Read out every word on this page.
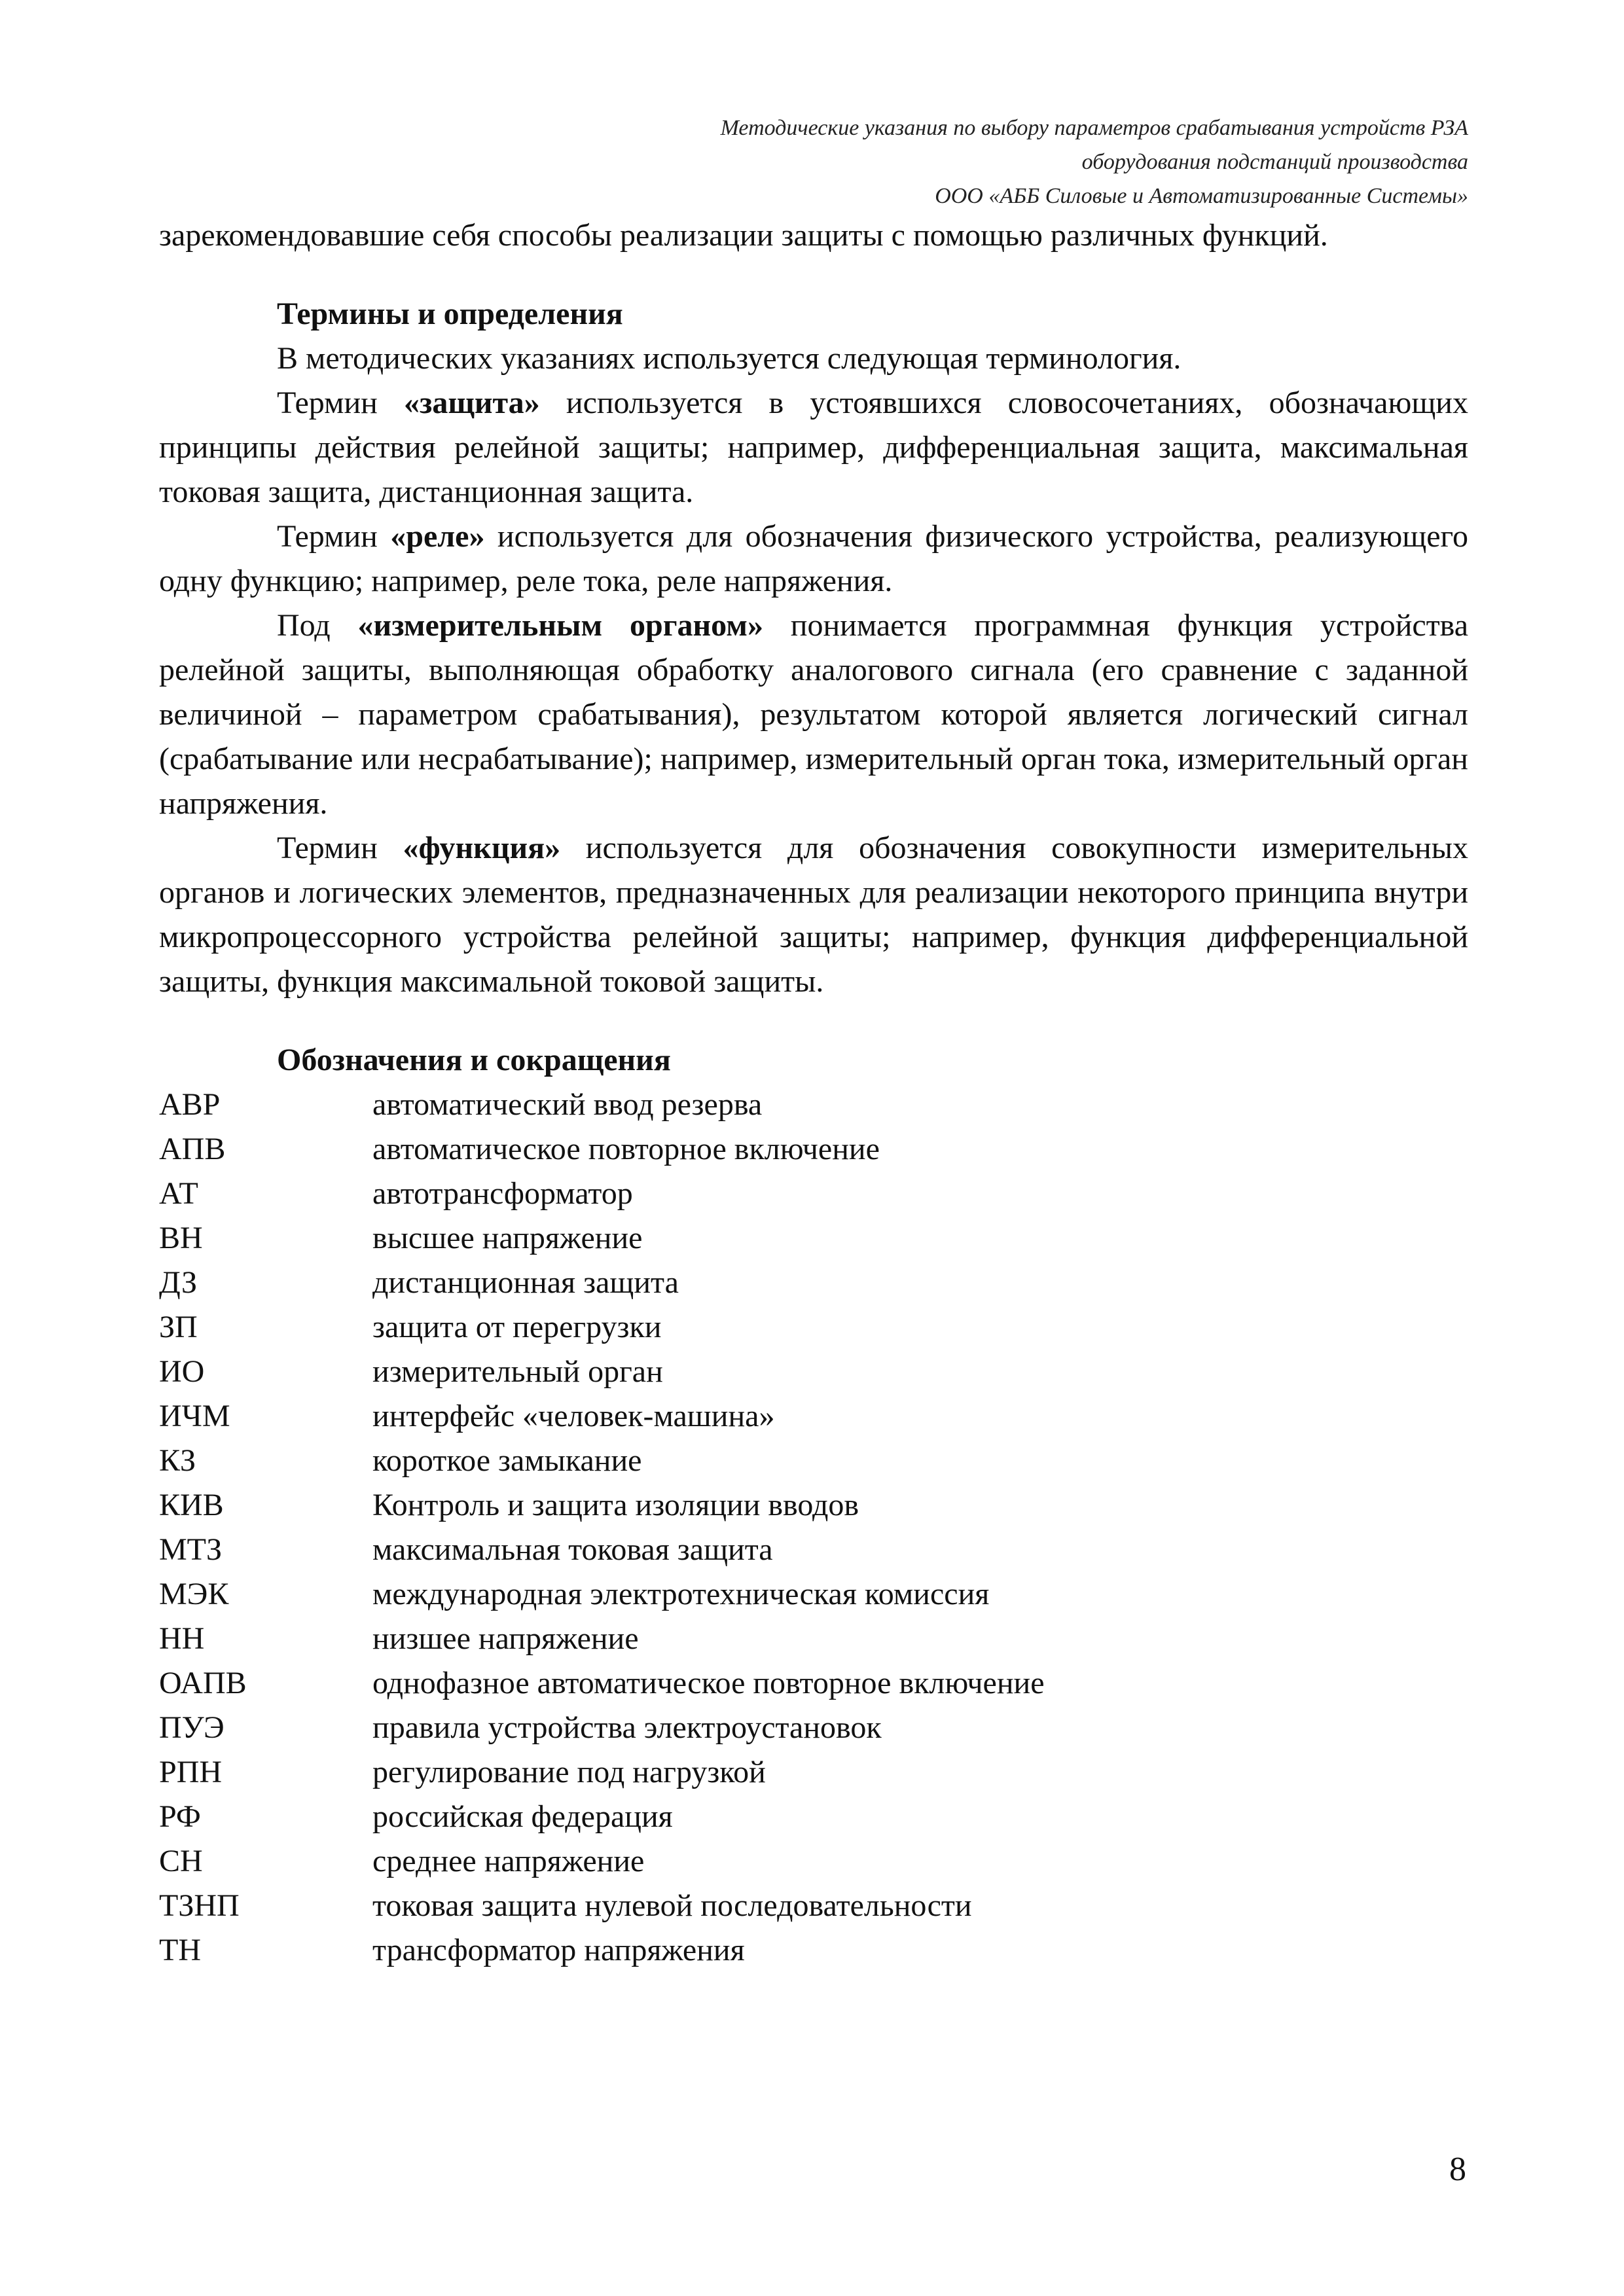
Методические указания по выбору параметров срабатывания устройств РЗА
оборудования подстанций производства
ООО «АББ Силовые и Автоматизированные Системы»

зарекомендовавшие себя способы реализации защиты с помощью различных функций.

Термины и определения

В методических указаниях используется следующая терминология.

Термин «защита» используется в устоявшихся словосочетаниях, обозначающих принципы действия релейной защиты; например, дифференциальная защита, максимальная токовая защита, дистанционная защита.

Термин «реле» используется для обозначения физического устройства, реализующего одну функцию; например, реле тока, реле напряжения.

Под «измерительным органом» понимается программная функция устройства релейной защиты, выполняющая обработку аналогового сигнала (его сравнение с заданной величиной – параметром срабатывания), результатом которой является логический сигнал (срабатывание или несрабатывание); например, измерительный орган тока, измерительный орган напряжения.

Термин «функция» используется для обозначения совокупности измерительных органов и логических элементов, предназначенных для реализации некоторого принципа внутри микропроцессорного устройства релейной защиты; например, функция дифференциальной защиты, функция максимальной токовой защиты.

Обозначения и сокращения
АВР	автоматический ввод резерва
АПВ	автоматическое повторное включение
АТ	автотрансформатор
ВН	высшее напряжение
ДЗ	дистанционная защита
ЗП	защита от перегрузки
ИО	измерительный орган
ИЧМ	интерфейс «человек-машина»
КЗ	короткое замыкание
КИВ	Контроль и защита изоляции вводов
МТЗ	максимальная токовая защита
МЭК	международная электротехническая комиссия
НН	низшее напряжение
ОАПВ	однофазное автоматическое повторное включение
ПУЭ	правила устройства электроустановок
РПН	регулирование под нагрузкой
РФ	российская федерация
СН	среднее напряжение
ТЗНП	токовая защита нулевой последовательности
ТН	трансформатор напряжения
8
